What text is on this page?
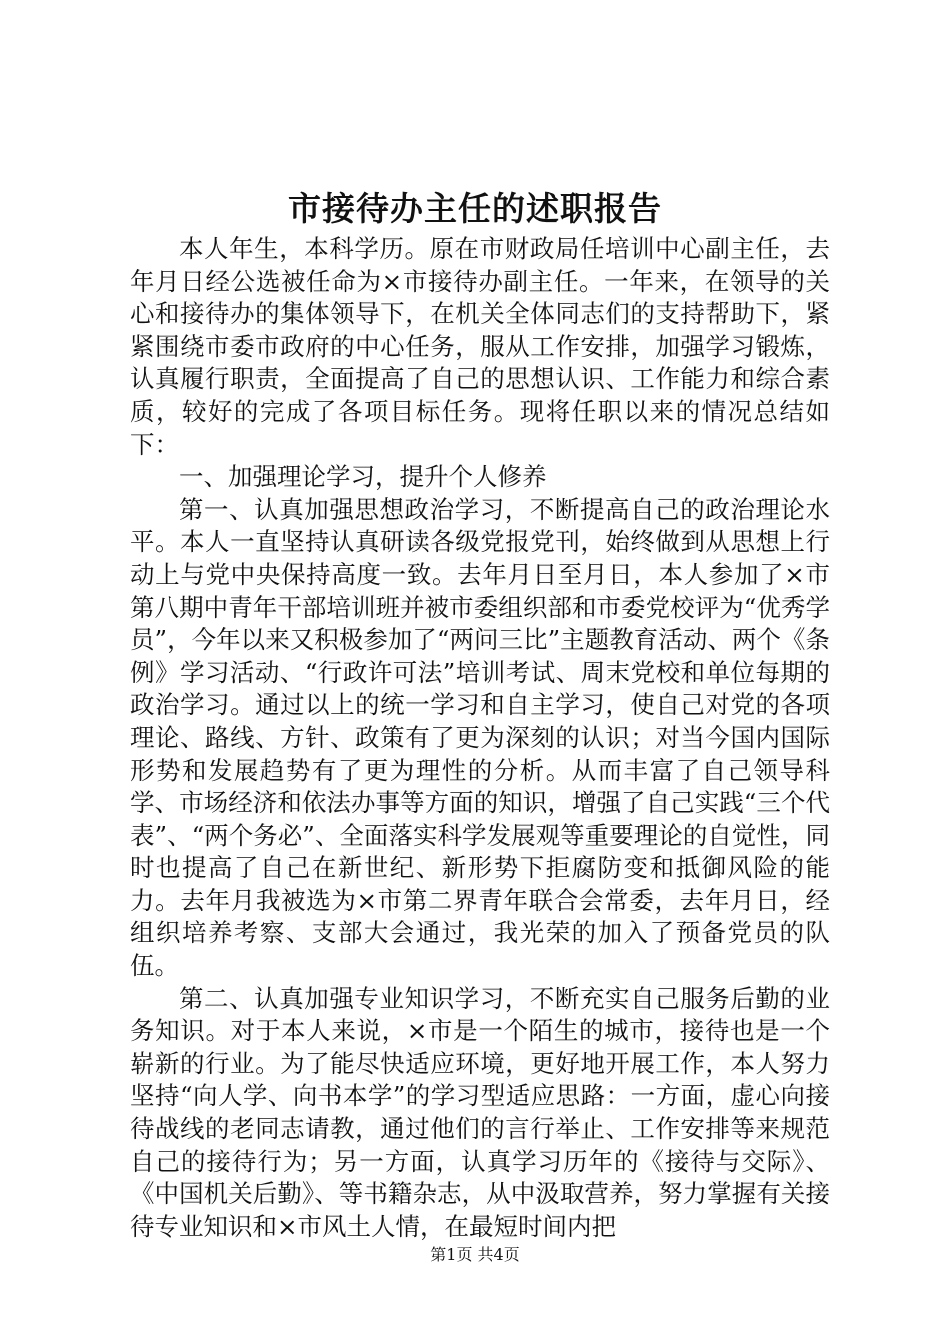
市接待办主任的述职报告

本人年生，本科学历。原在市财政局任培训中心副主任，去年月日经公选被任命为×市接待办副主任。一年来，在领导的关心和接待办的集体领导下，在机关全体同志们的支持帮助下，紧紧围绕市委市政府的中心任务，服从工作安排，加强学习锻炼，认真履行职责，全面提高了自己的思想认识、工作能力和综合素质，较好的完成了各项目标任务。现将任职以来的情况总结如下：

一、加强理论学习，提升个人修养

第一、认真加强思想政治学习，不断提高自己的政治理论水平。本人一直坚持认真研读各级党报党刊，始终做到从思想上行动上与党中央保持高度一致。去年月日至月日，本人参加了×市第八期中青年干部培训班并被市委组织部和市委党校评为“优秀学员”，今年以来又积极参加了“两问三比”主题教育活动、两个《条例》学习活动、“行政许可法”培训考试、周末党校和单位每期的政治学习。通过以上的统一学习和自主学习，使自己对党的各项理论、路线、方针、政策有了更为深刻的认识；对当今国内国际形势和发展趋势有了更为理性的分析。从而丰富了自己领导科学、市场经济和依法办事等方面的知识，增强了自己实践“三个代表”、“两个务必”、全面落实科学发展观等重要理论的自觉性，同时也提高了自己在新世纪、新形势下拒腐防变和抵御风险的能力。去年月我被选为×市第二界青年联合会常委，去年月日，经组织培养考察、支部大会通过，我光荣的加入了预备党员的队伍。

第二、认真加强专业知识学习，不断充实自己服务后勤的业务知识。对于本人来说，×市是一个陌生的城市，接待也是一个崭新的行业。为了能尽快适应环境，更好地开展工作，本人努力坚持“向人学、向书本学”的学习型适应思路：一方面，虚心向接待战线的老同志请教，通过他们的言行举止、工作安排等来规范自己的接待行为；另一方面，认真学习历年的《接待与交际》、《中国机关后勤》、等书籍杂志，从中汲取营养，努力掌握有关接待专业知识和×市风土人情，在最短时间内把

第1页 共4页
